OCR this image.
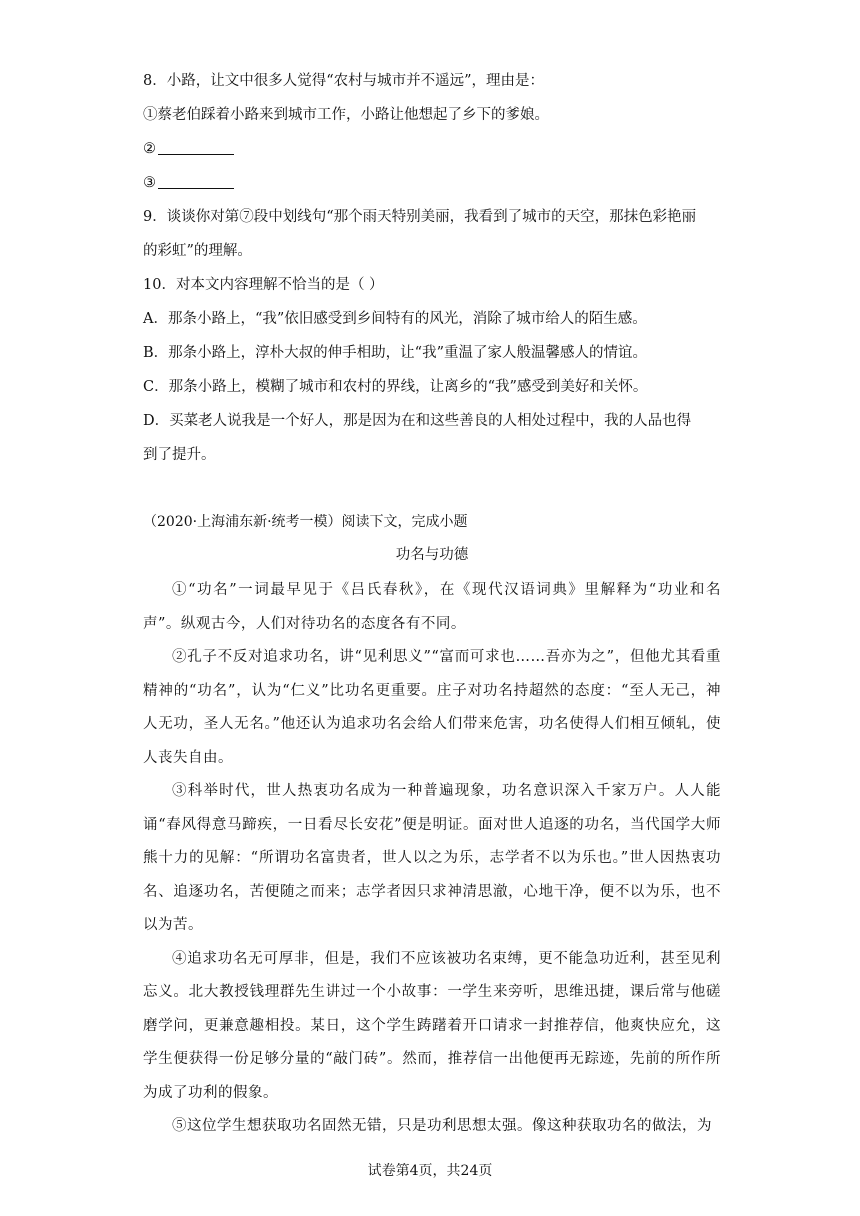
8．小路，让文中很多人觉得“农村与城市并不遥远”，理由是：
①蔡老伯踩着小路来到城市工作，小路让他想起了乡下的爹娘。
②
③
9．谈谈你对第⑦段中划线句“那个雨天特别美丽，我看到了城市的天空，那抹色彩艳丽
的彩虹”的理解。
10．对本文内容理解不恰当的是（ ）
A．那条小路上，“我”依旧感受到乡间特有的风光，消除了城市给人的陌生感。
B．那条小路上，淳朴大叔的伸手相助，让“我”重温了家人般温馨感人的情谊。
C．那条小路上，模糊了城市和农村的界线，让离乡的“我”感受到美好和关怀。
D．买菜老人说我是一个好人，那是因为在和这些善良的人相处过程中，我的人品也得
到了提升。
（2020·上海浦东新·统考一模）阅读下文，完成小题
功名与功德
①“功名”一词最早见于《吕氏春秋》，在《现代汉语词典》里解释为“功业和名声”。纵观古今，人们对待功名的态度各有不同。
②孔子不反对追求功名，讲“见利思义”“富而可求也……吾亦为之”，但他尤其看重精神的“功名”，认为“仁义”比功名更重要。庄子对功名持超然的态度：“至人无己，神人无功，圣人无名。”他还认为追求功名会给人们带来危害，功名使得人们相互倾轧，使人丧失自由。
③科举时代，世人热衷功名成为一种普遍现象，功名意识深入千家万户。人人能诵“春风得意马蹄疾，一日看尽长安花”便是明证。面对世人追逐的功名，当代国学大师熊十力的见解：“所谓功名富贵者，世人以之为乐，志学者不以为乐也。”世人因热衷功名、追逐功名，苦便随之而来；志学者因只求神清思澈，心地干净，便不以为乐，也不以为苦。
④追求功名无可厚非，但是，我们不应该被功名束缚，更不能急功近利，甚至见利忘义。北大教授钱理群先生讲过一个小故事：一学生来旁听，思维迅捷，课后常与他磋磨学问，更兼意趣相投。某日，这个学生踌躇着开口请求一封推荐信，他爽快应允，这学生便获得一份足够分量的“敲门砖”。然而，推荐信一出他便再无踪迹，先前的所作所为成了功利的假象。
⑤这位学生想获取功名固然无错，只是功利思想太强。像这种获取功名的做法，为
试卷第4页，共24页
